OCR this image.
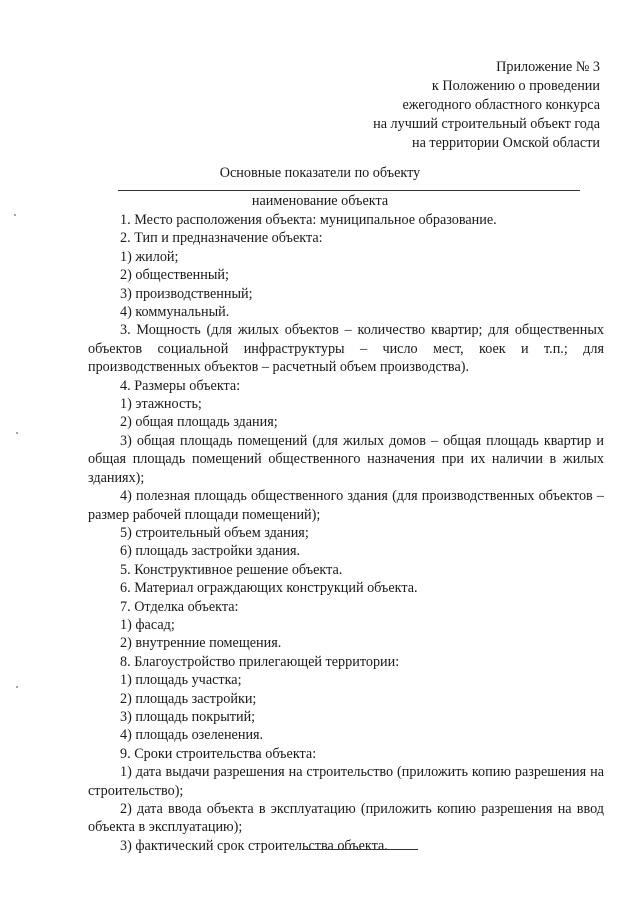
Приложение № 3
к Положению о проведении
ежегодного областного конкурса
на лучший строительный объект года
на территории Омской области
Основные показатели по объекту
наименование объекта

1. Место расположения объекта: муниципальное образование.

2. Тип и предназначение объекта:

1) жилой;

2) общественный;

3) производственный;

4) коммунальный.

3. Мощность (для жилых объектов – количество квартир; для общественных объектов социальной инфраструктуры – число мест, коек и т.п.; для производственных объектов – расчетный объем производства).

4. Размеры объекта:

1) этажность;

2) общая площадь здания;

3) общая площадь помещений (для жилых домов – общая площадь квартир и общая площадь помещений общественного назначения при их наличии в жилых зданиях);

4) полезная площадь общественного здания (для производственных объектов – размер рабочей площади помещений);

5) строительный объем здания;

6) площадь застройки здания.

5. Конструктивное решение объекта.

6. Материал ограждающих конструкций объекта.

7. Отделка объекта:

1) фасад;

2) внутренние помещения.

8. Благоустройство прилегающей территории:

1) площадь участка;

2) площадь застройки;

3) площадь покрытий;

4) площадь озеленения.

9. Сроки строительства объекта:

1) дата выдачи разрешения на строительство (приложить копию разрешения на строительство);

2) дата ввода объекта в эксплуатацию (приложить копию разрешения на ввод объекта в эксплуатацию);

3) фактический срок строительства объекта.
